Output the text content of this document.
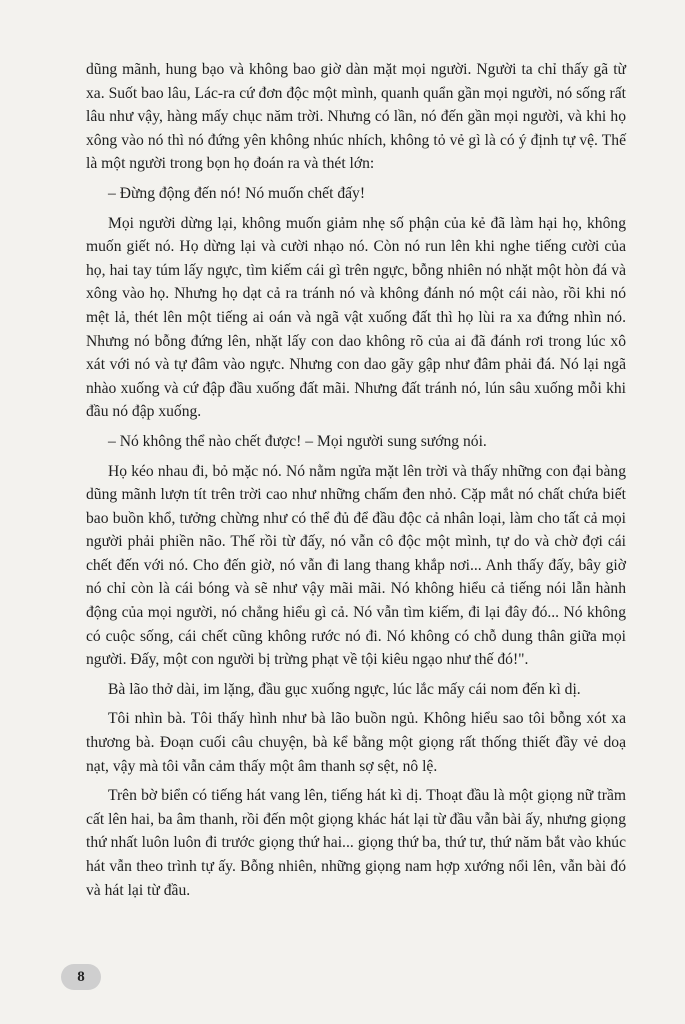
dũng mãnh, hung bạo và không bao giờ dàn mặt mọi người. Người ta chỉ thấy gã từ xa. Suốt bao lâu, Lác-ra cứ đơn độc một mình, quanh quẩn gần mọi người, nó sống rất lâu như vậy, hàng mấy chục năm trời. Nhưng có lần, nó đến gần mọi người, và khi họ xông vào nó thì nó đứng yên không nhúc nhích, không tỏ vẻ gì là có ý định tự vệ. Thế là một người trong bọn họ đoán ra và thét lớn:

– Đừng động đến nó! Nó muốn chết đấy!

Mọi người dừng lại, không muốn giảm nhẹ số phận của kẻ đã làm hại họ, không muốn giết nó. Họ dừng lại và cười nhạo nó. Còn nó run lên khi nghe tiếng cười của họ, hai tay túm lấy ngực, tìm kiếm cái gì trên ngực, bỗng nhiên nó nhặt một hòn đá và xông vào họ. Nhưng họ dạt cả ra tránh nó và không đánh nó một cái nào, rồi khi nó mệt lả, thét lên một tiếng ai oán và ngã vật xuống đất thì họ lùi ra xa đứng nhìn nó. Nhưng nó bỗng đứng lên, nhặt lấy con dao không rõ của ai đã đánh rơi trong lúc xô xát với nó và tự đâm vào ngực. Nhưng con dao gãy gập như đâm phải đá. Nó lại ngã nhào xuống và cứ đập đầu xuống đất mãi. Nhưng đất tránh nó, lún sâu xuống mỗi khi đầu nó đập xuống.

– Nó không thể nào chết được! – Mọi người sung sướng nói.

Họ kéo nhau đi, bỏ mặc nó. Nó nằm ngửa mặt lên trời và thấy những con đại bàng dũng mãnh lượn tít trên trời cao như những chấm đen nhỏ. Cặp mắt nó chất chứa biết bao buồn khổ, tưởng chừng như có thể đủ để đầu độc cả nhân loại, làm cho tất cả mọi người phải phiền não. Thế rồi từ đấy, nó vẫn cô độc một mình, tự do và chờ đợi cái chết đến với nó. Cho đến giờ, nó vẫn đi lang thang khắp nơi... Anh thấy đấy, bây giờ nó chỉ còn là cái bóng và sẽ như vậy mãi mãi. Nó không hiểu cả tiếng nói lẫn hành động của mọi người, nó chẳng hiểu gì cả. Nó vẫn tìm kiếm, đi lại đây đó... Nó không có cuộc sống, cái chết cũng không rước nó đi. Nó không có chỗ dung thân giữa mọi người. Đấy, một con người bị trừng phạt về tội kiêu ngạo như thế đó!".

Bà lão thở dài, im lặng, đầu gục xuống ngực, lúc lắc mấy cái nom đến kì dị.

Tôi nhìn bà. Tôi thấy hình như bà lão buồn ngủ. Không hiểu sao tôi bỗng xót xa thương bà. Đoạn cuối câu chuyện, bà kể bằng một giọng rất thống thiết đầy vẻ doạ nạt, vậy mà tôi vẫn cảm thấy một âm thanh sợ sệt, nô lệ.

Trên bờ biển có tiếng hát vang lên, tiếng hát kì dị. Thoạt đầu là một giọng nữ trầm cất lên hai, ba âm thanh, rồi đến một giọng khác hát lại từ đầu vẫn bài ấy, nhưng giọng thứ nhất luôn luôn đi trước giọng thứ hai... giọng thứ ba, thứ tư, thứ năm bắt vào khúc hát vẫn theo trình tự ấy. Bỗng nhiên, những giọng nam hợp xướng nổi lên, vẫn bài đó và hát lại từ đầu.

8
